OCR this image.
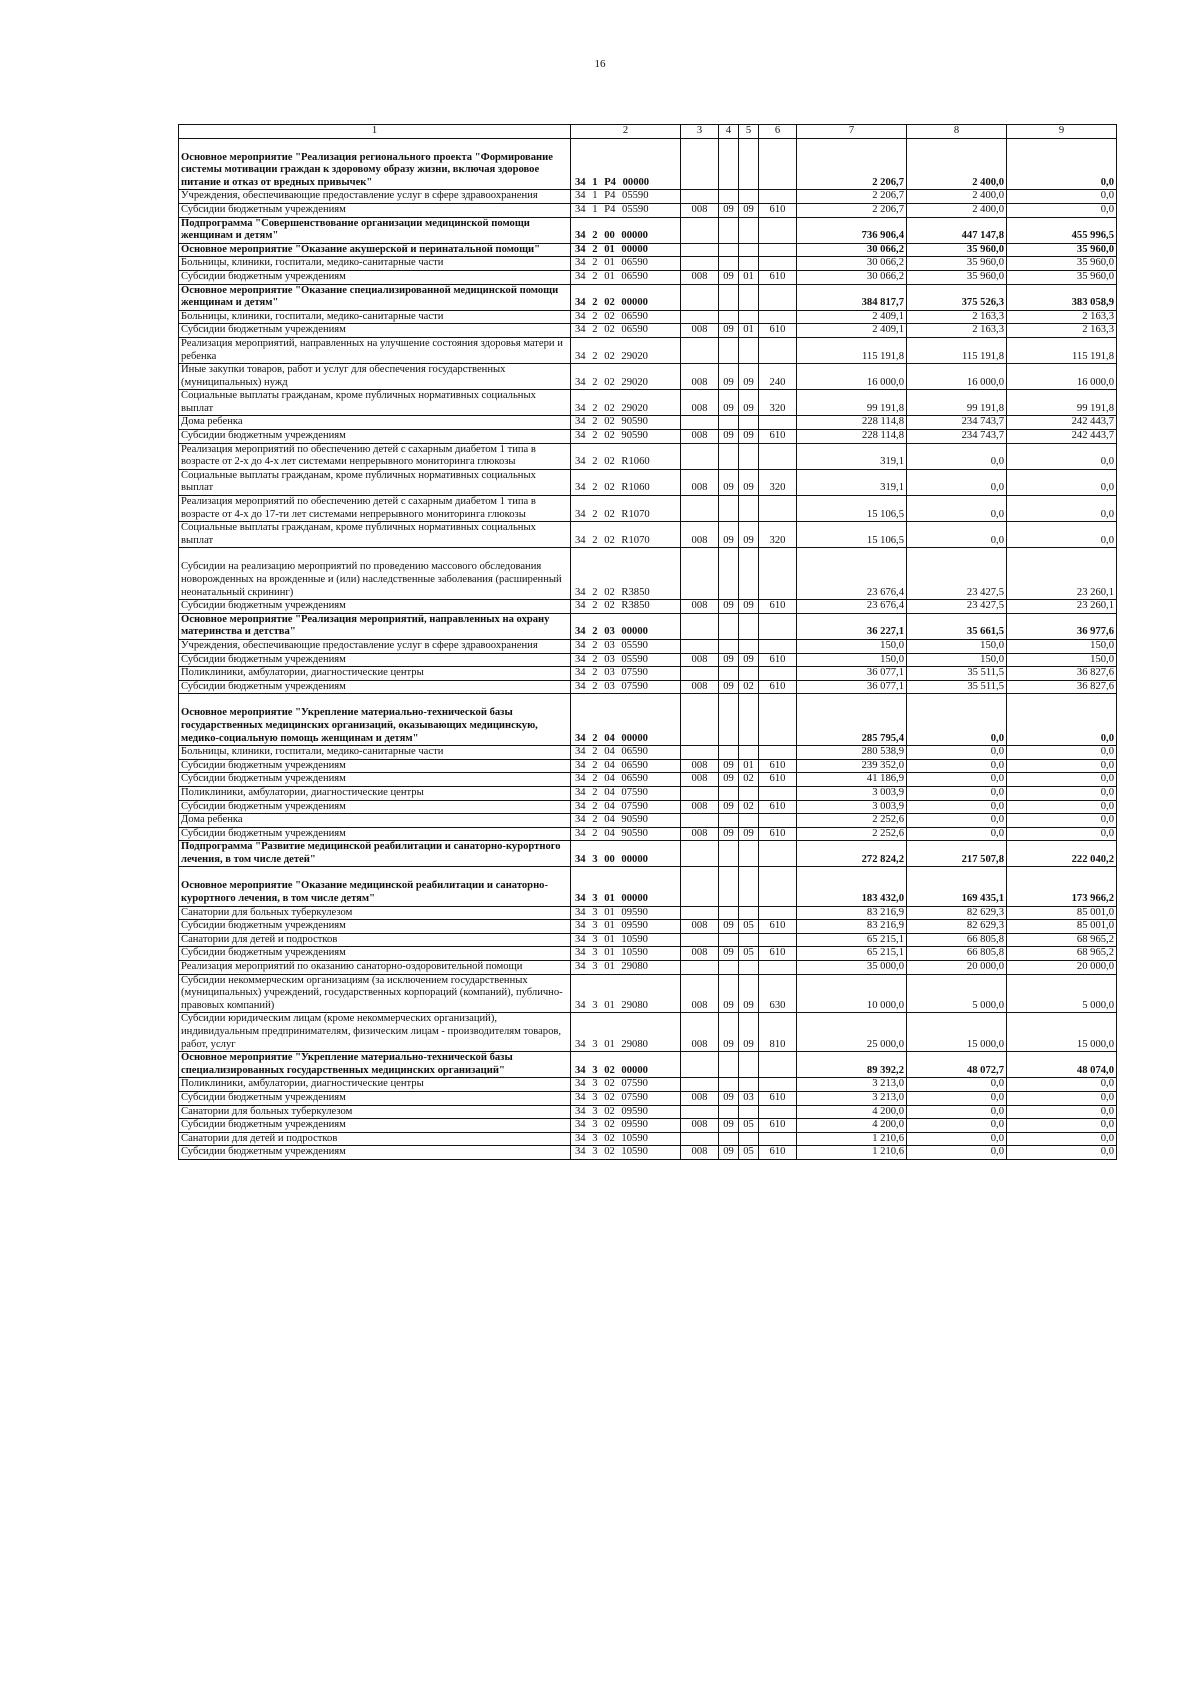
16
1	2	3	4	5	6	7	8	9
Основное мероприятие "Реализация регионального проекта "Формирование системы мотивации граждан к здоровому образу жизни, включая здоровое питание и отказ от вредных привычек"	34 1 Р4 00000					2 206,7	2 400,0	0,0
Учреждения, обеспечивающие предоставление услуг в сфере здравоохранения	34 1 Р4 05590					2 206,7	2 400,0	0,0
Субсидии бюджетным учреждениям	34 1 Р4 05590	008	09	09	610	2 206,7	2 400,0	0,0
Подпрограмма "Совершенствование организации медицинской помощи женщинам и детям"	34 2 00 00000					736 906,4	447 147,8	455 996,5
Основное мероприятие "Оказание акушерской и перинатальной помощи"	34 2 01 00000					30 066,2	35 960,0	35 960,0
Больницы, клиники, госпитали, медико-санитарные части	34 2 01 06590					30 066,2	35 960,0	35 960,0
Субсидии бюджетным учреждениям	34 2 01 06590	008	09	01	610	30 066,2	35 960,0	35 960,0
Основное мероприятие "Оказание специализированной медицинской помощи женщинам и детям"	34 2 02 00000					384 817,7	375 526,3	383 058,9
Больницы, клиники, госпитали, медико-санитарные части	34 2 02 06590					2 409,1	2 163,3	2 163,3
Субсидии бюджетным учреждениям	34 2 02 06590	008	09	01	610	2 409,1	2 163,3	2 163,3
Реализация мероприятий, направленных на улучшение состояния здоровья матери и ребенка	34 2 02 29020					115 191,8	115 191,8	115 191,8
Иные закупки товаров, работ и услуг для обеспечения государственных (муниципальных) нужд	34 2 02 29020	008	09	09	240	16 000,0	16 000,0	16 000,0
Социальные выплаты гражданам, кроме публичных нормативных социальных выплат	34 2 02 29020	008	09	09	320	99 191,8	99 191,8	99 191,8
Дома ребенка	34 2 02 90590					228 114,8	234 743,7	242 443,7
Субсидии бюджетным учреждениям	34 2 02 90590	008	09	09	610	228 114,8	234 743,7	242 443,7
Реализация мероприятий по обеспечению детей с сахарным диабетом 1 типа в возрасте от 2-х до 4-х лет системами непрерывного мониторинга глюкозы	34 2 02 R1060					319,1	0,0	0,0
Социальные выплаты гражданам, кроме публичных нормативных социальных выплат	34 2 02 R1060	008	09	09	320	319,1	0,0	0,0
Реализация мероприятий по обеспечению детей с сахарным диабетом 1 типа в возрасте от 4-х до 17-ти лет системами непрерывного мониторинга глюкозы	34 2 02 R1070					15 106,5	0,0	0,0
Социальные выплаты гражданам, кроме публичных нормативных социальных выплат	34 2 02 R1070	008	09	09	320	15 106,5	0,0	0,0
Субсидии на реализацию мероприятий по проведению массового обследования новорожденных на врожденные и (или) наследственные заболевания (расширенный неонатальный скрининг)	34 2 02 R3850					23 676,4	23 427,5	23 260,1
Субсидии бюджетным учреждениям	34 2 02 R3850	008	09	09	610	23 676,4	23 427,5	23 260,1
Основное мероприятие "Реализация мероприятий, направленных на охрану материнства и детства"	34 2 03 00000					36 227,1	35 661,5	36 977,6
Учреждения, обеспечивающие предоставление услуг в сфере здравоохранения	34 2 03 05590					150,0	150,0	150,0
Субсидии бюджетным учреждениям	34 2 03 05590	008	09	09	610	150,0	150,0	150,0
Поликлиники, амбулатории, диагностические центры	34 2 03 07590					36 077,1	35 511,5	36 827,6
Субсидии бюджетным учреждениям	34 2 03 07590	008	09	02	610	36 077,1	35 511,5	36 827,6
Основное мероприятие "Укрепление материально-технической базы государственных медицинских организаций, оказывающих медицинскую, медико-социальную помощь женщинам и детям"	34 2 04 00000					285 795,4	0,0	0,0
Больницы, клиники, госпитали, медико-санитарные части	34 2 04 06590					280 538,9	0,0	0,0
Субсидии бюджетным учреждениям	34 2 04 06590	008	09	01	610	239 352,0	0,0	0,0
Субсидии бюджетным учреждениям	34 2 04 06590	008	09	02	610	41 186,9	0,0	0,0
Поликлиники, амбулатории, диагностические центры	34 2 04 07590					3 003,9	0,0	0,0
Субсидии бюджетным учреждениям	34 2 04 07590	008	09	02	610	3 003,9	0,0	0,0
Дома ребенка	34 2 04 90590					2 252,6	0,0	0,0
Субсидии бюджетным учреждениям	34 2 04 90590	008	09	09	610	2 252,6	0,0	0,0
Подпрограмма "Развитие медицинской реабилитации и санаторно-курортного лечения, в том числе детей"	34 3 00 00000					272 824,2	217 507,8	222 040,2
Основное мероприятие "Оказание медицинской реабилитации и санаторно-курортного лечения, в том числе детям"	34 3 01 00000					183 432,0	169 435,1	173 966,2
Санатории для больных туберкулезом	34 3 01 09590					83 216,9	82 629,3	85 001,0
Субсидии бюджетным учреждениям	34 3 01 09590	008	09	05	610	83 216,9	82 629,3	85 001,0
Санатории для детей и подростков	34 3 01 10590					65 215,1	66 805,8	68 965,2
Субсидии бюджетным учреждениям	34 3 01 10590	008	09	05	610	65 215,1	66 805,8	68 965,2
Реализация мероприятий по оказанию санаторно-оздоровительной помощи	34 3 01 29080					35 000,0	20 000,0	20 000,0
Субсидии некоммерческим организациям (за исключением государственных (муниципальных) учреждений, государственных корпораций (компаний), публично-правовых компаний)	34 3 01 29080	008	09	09	630	10 000,0	5 000,0	5 000,0
Субсидии юридическим лицам (кроме некоммерческих организаций), индивидуальным предпринимателям, физическим лицам - производителям товаров, работ, услуг	34 3 01 29080	008	09	09	810	25 000,0	15 000,0	15 000,0
Основное мероприятие "Укрепление материально-технической базы специализированных государственных медицинских организаций"	34 3 02 00000					89 392,2	48 072,7	48 074,0
Поликлиники, амбулатории, диагностические центры	34 3 02 07590					3 213,0	0,0	0,0
Субсидии бюджетным учреждениям	34 3 02 07590	008	09	03	610	3 213,0	0,0	0,0
Санатории для больных туберкулезом	34 3 02 09590					4 200,0	0,0	0,0
Субсидии бюджетным учреждениям	34 3 02 09590	008	09	05	610	4 200,0	0,0	0,0
Санатории для детей и подростков	34 3 02 10590					1 210,6	0,0	0,0
Субсидии бюджетным учреждениям	34 3 02 10590	008	09	05	610	1 210,6	0,0	0,0
